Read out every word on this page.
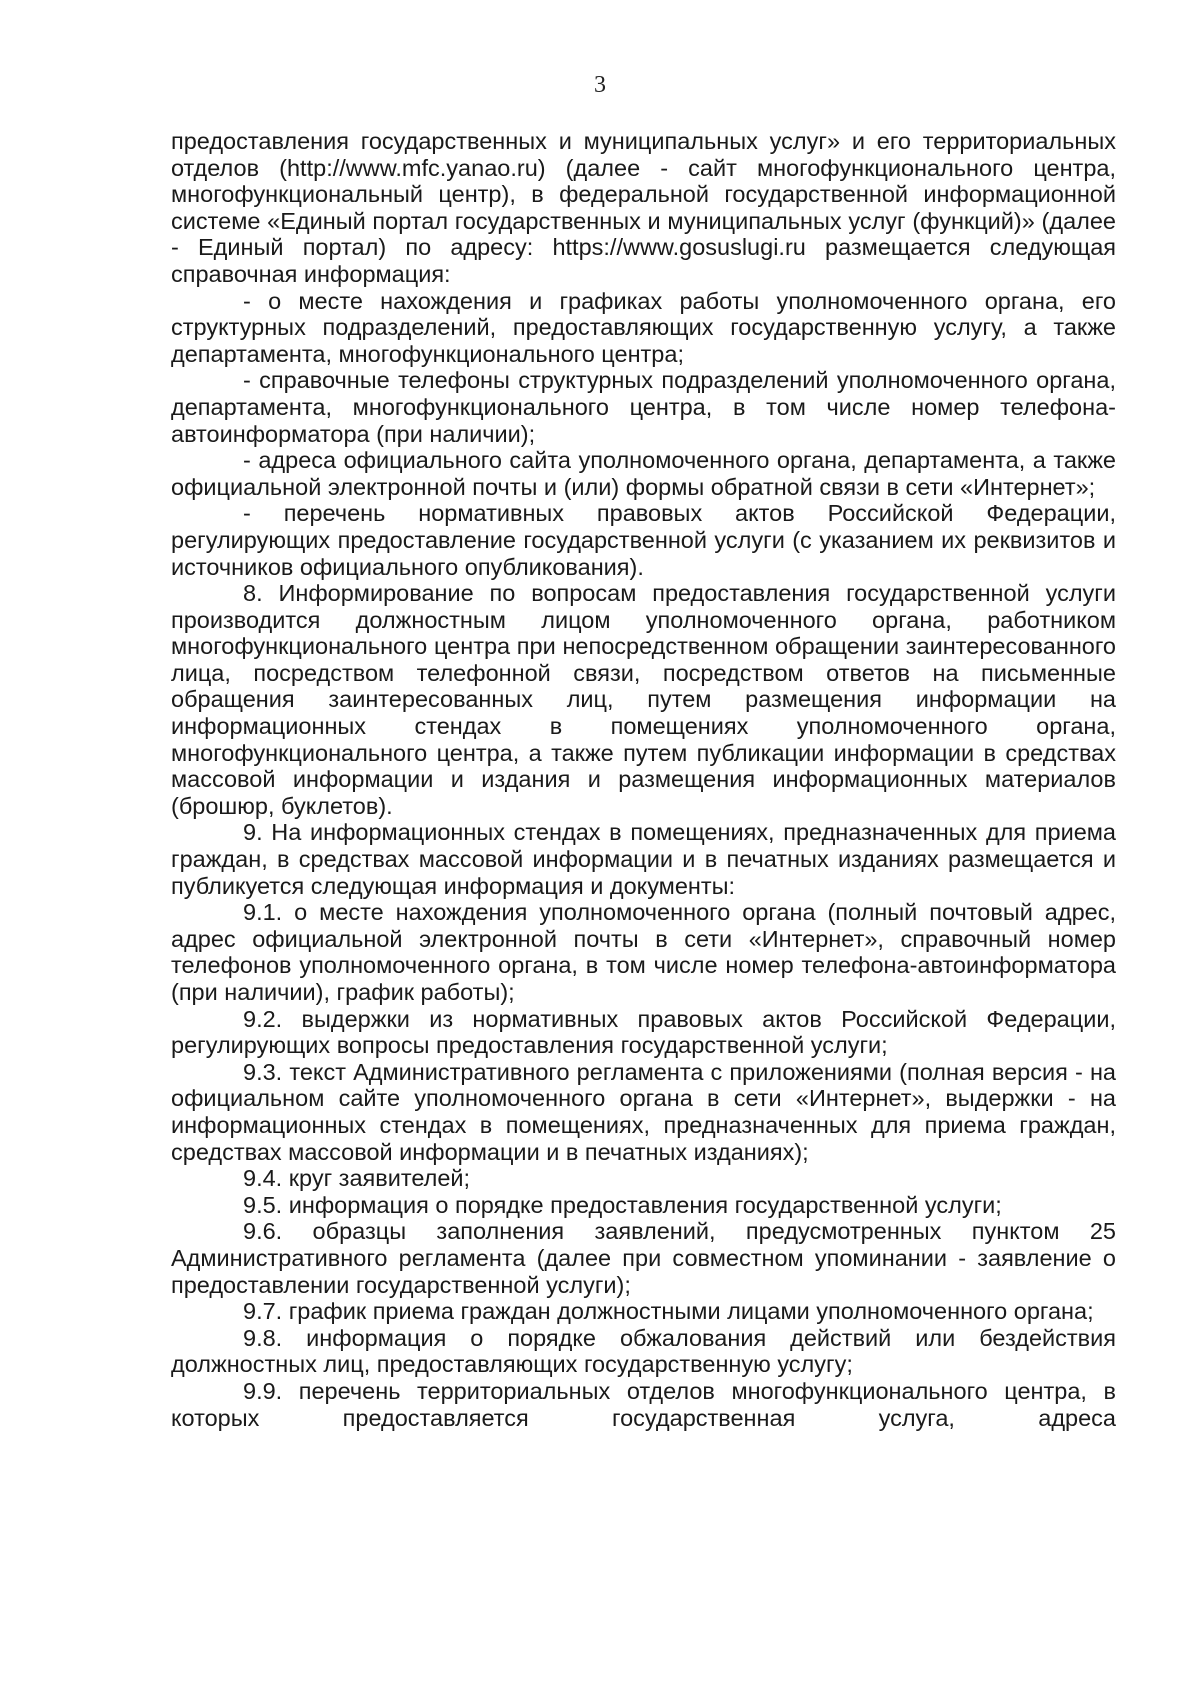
3

предоставления государственных и муниципальных услуг» и его территориальных отделов (http://www.mfc.yanao.ru) (далее - сайт многофункционального центра, многофункциональный центр), в федеральной государственной информационной системе «Единый портал государственных и муниципальных услуг (функций)» (далее - Единый портал) по адресу: https://www.gosuslugi.ru размещается следующая справочная информация:

- о месте нахождения и графиках работы уполномоченного органа, его структурных подразделений, предоставляющих государственную услугу, а также департамента, многофункционального центра;

- справочные телефоны структурных подразделений уполномоченного органа, департамента, многофункционального центра, в том числе номер телефона-автоинформатора (при наличии);

- адреса официального сайта уполномоченного органа, департамента, а также официальной электронной почты и (или) формы обратной связи в сети «Интернет»;

- перечень нормативных правовых актов Российской Федерации, регулирующих предоставление государственной услуги (с указанием их реквизитов и источников официального опубликования).

8. Информирование по вопросам предоставления государственной услуги производится должностным лицом уполномоченного органа, работником многофункционального центра при непосредственном обращении заинтересованного лица, посредством телефонной связи, посредством ответов на письменные обращения заинтересованных лиц, путем размещения информации на информационных стендах в помещениях уполномоченного органа, многофункционального центра, а также путем публикации информации в средствах массовой информации и издания и размещения информационных материалов (брошюр, буклетов).

9. На информационных стендах в помещениях, предназначенных для приема граждан, в средствах массовой информации и в печатных изданиях размещается и публикуется следующая информация и документы:

9.1. о месте нахождения уполномоченного органа (полный почтовый адрес, адрес официальной электронной почты в сети «Интернет», справочный номер телефонов уполномоченного органа, в том числе номер телефона-автоинформатора (при наличии), график работы);

9.2. выдержки из нормативных правовых актов Российской Федерации, регулирующих вопросы предоставления государственной услуги;

9.3. текст Административного регламента с приложениями (полная версия - на официальном сайте уполномоченного органа в сети «Интернет», выдержки - на информационных стендах в помещениях, предназначенных для приема граждан, средствах массовой информации и в печатных изданиях);

9.4. круг заявителей;

9.5. информация о порядке предоставления государственной услуги;

9.6. образцы заполнения заявлений, предусмотренных пунктом 25 Административного регламента (далее при совместном упоминании - заявление о предоставлении государственной услуги);

9.7. график приема граждан должностными лицами уполномоченного органа;

9.8. информация о порядке обжалования действий или бездействия должностных лиц, предоставляющих государственную услугу;

9.9. перечень территориальных отделов многофункционального центра, в которых предоставляется государственная услуга, адреса
